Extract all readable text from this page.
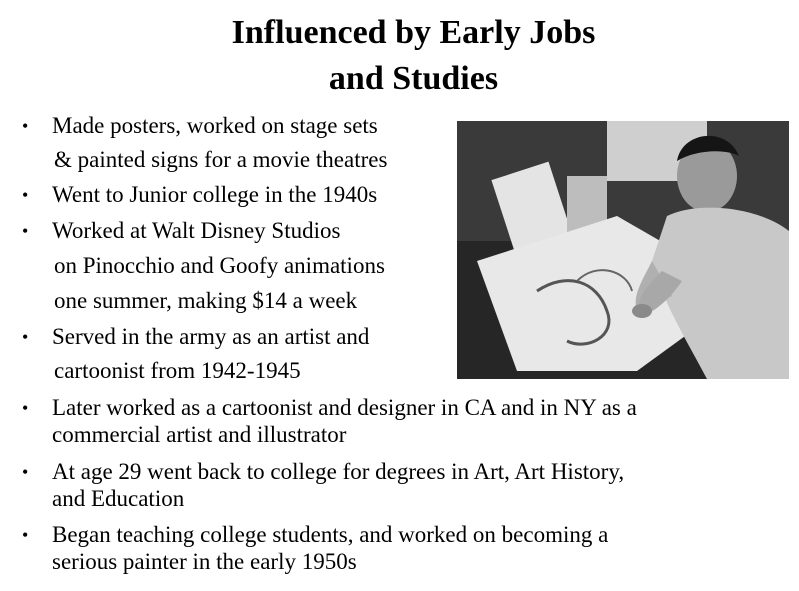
Influenced by Early Jobs
and Studies
• Made posters, worked on stage sets
& painted signs for a movie theatres
• Went to Junior college in the 1940s
• Worked at Walt Disney Studios
on Pinocchio and Goofy animations
one summer, making $14 a week
• Served in the army as an artist and
cartoonist from 1942-1945
• Later worked as a cartoonist and designer in CA and in NY as a
commercial artist and illustrator
• At age 29 went back to college for degrees in Art, Art History,
and Education
• Began teaching college students, and worked on becoming a
serious painter in the early 1950s
